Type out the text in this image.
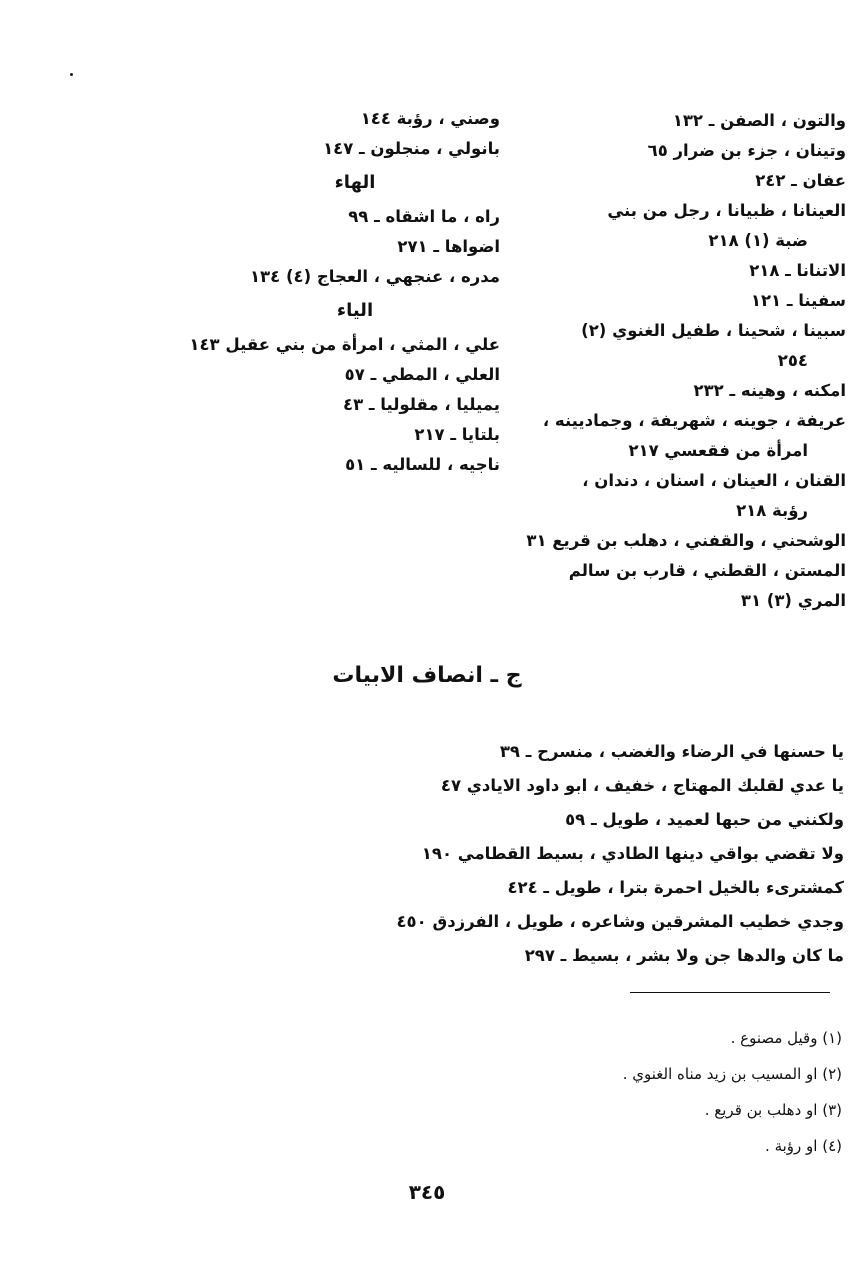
والتون ، الصفن ـ ١٣٢
وتينان ، جزء بن ضرار ٦٥
عفان ـ ٢٤٢
العينانا ، ظبيانا ، رجل من بني
ضبة (١) ٢١٨
الاتنانا ـ ٢١٨
سفينا ـ ١٢١
سبينا ، شحينا ، طفيل الغنوي (٢)
٢٥٤
امكنه ، وهينه ـ ٢٣٢
عريفة ، جوينه ، شهريفة ، وجماديينه ،
امرأة من فقعسي ٢١٧
القنان ، العينان ، اسنان ، دندان ،
رؤبة ٢١٨
الوشحني ، والقفني ، دهلب بن قريع ٣١
المستن ، القطني ، قارب بن سالم
المري (٣) ٣١
وصني ، رؤبة ١٤٤
بانولي ، منجلون ـ ١٤٧
الهاء
راه ، ما اشقاه ـ ٩٩
اضواها ـ ٢٧١
مدره ، عنجهي ، العجاج (٤) ١٣٤
الياء
علي ، المثي ، امرأة من بني عقيل ١٤٣
العلي ، المطي ـ ٥٧
يميليا ، مقلوليا ـ ٤٣
بلتايا ـ ٢١٧
ناجيه ، للساليه ـ ٥١
ج ـ انصاف الابيات
يا حسنها في الرضاء والغضب ، منسرح ـ ٣٩
يا عدي لقلبك المهتاج ، خفيف ، ابو داود الايادي ٤٧
ولكنني من حبها لعميد ، طويل ـ ٥٩
ولا تقضي بواقي دينها الطادي ، بسيط القطامي ١٩٠
كمشترىء بالخيل احمرة بترا ، طويل ـ ٤٢٤
وجدي خطيب المشرقين وشاعره ، طويل ، الفرزدق ٤٥٠
ما كان والدها جن ولا بشر ، بسيط ـ ٢٩٧
(١) وقيل مصنوع .
(٢) او المسيب بن زيد مناه الغنوي .
(٣) او دهلب بن قريع .
(٤) او رؤبة .
٣٤٥
